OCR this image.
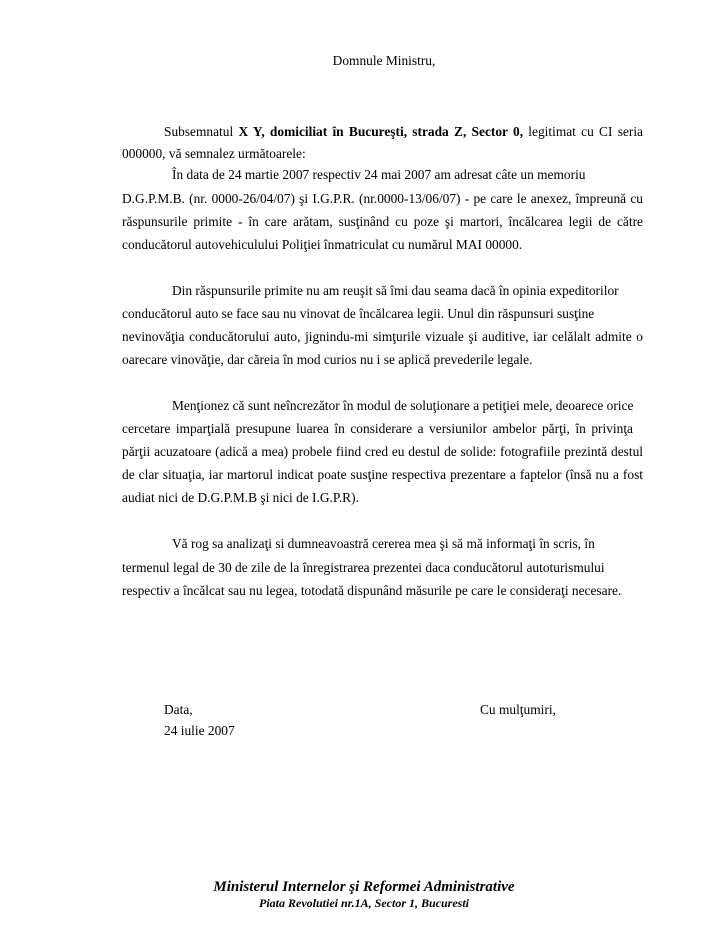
Domnule Ministru,
Subsemnatul X Y, domiciliat în Bucureşti, strada Z, Sector 0, legitimat cu CI seria
000000, vă semnalez următoarele:
În data de 24 martie 2007 respectiv 24 mai 2007 am adresat câte un memoriu
D.G.P.M.B. (nr. 0000-26/04/07) şi I.G.P.R. (nr.0000-13/06/07) - pe care le anexez, împreună cu
răspunsurile primite - în care arătam, susţinând cu poze şi martori, încălcarea legii de către
conducătorul autovehiculului Poliţiei înmatriculat cu numărul MAI 00000.
Din răspunsurile primite nu am reuşit să îmi dau seama dacă în opinia expeditorilor
conducătorul auto se face sau nu vinovat de încălcarea legii. Unul din răspunsuri susţine
nevinovăţia conducătorului auto, jignindu-mi simţurile vizuale şi auditive, iar celălalt admite o
oarecare vinovăţie, dar căreia în mod curios nu i se aplică prevederile legale.
Menţionez că sunt neîncrezător în modul de soluţionare a petiţiei mele, deoarece orice
cercetare imparţială presupune luarea în considerare a versiunilor ambelor părţi, în privinţa
părţii acuzatoare (adică a mea) probele fiind cred eu destul de solide: fotografiile prezintă destul
de clar situaţia, iar martorul indicat poate susţine respectiva prezentare a faptelor (însă nu a fost
audiat nici de D.G.P.M.B şi nici de I.G.P.R).
Vă rog sa analizaţi si dumneavoastră cererea mea şi să mă informaţi în scris, în
termenul legal de 30 de zile de la înregistrarea prezentei daca conducătorul autoturismului
respectiv a încălcat sau nu legea, totodată dispunând măsurile pe care le consideraţi necesare.
Data,
24 iulie 2007
Cu mulţumiri,
Ministerul Internelor şi Reformei Administrative
Piata Revolutiei nr.1A, Sector 1, Bucuresti
